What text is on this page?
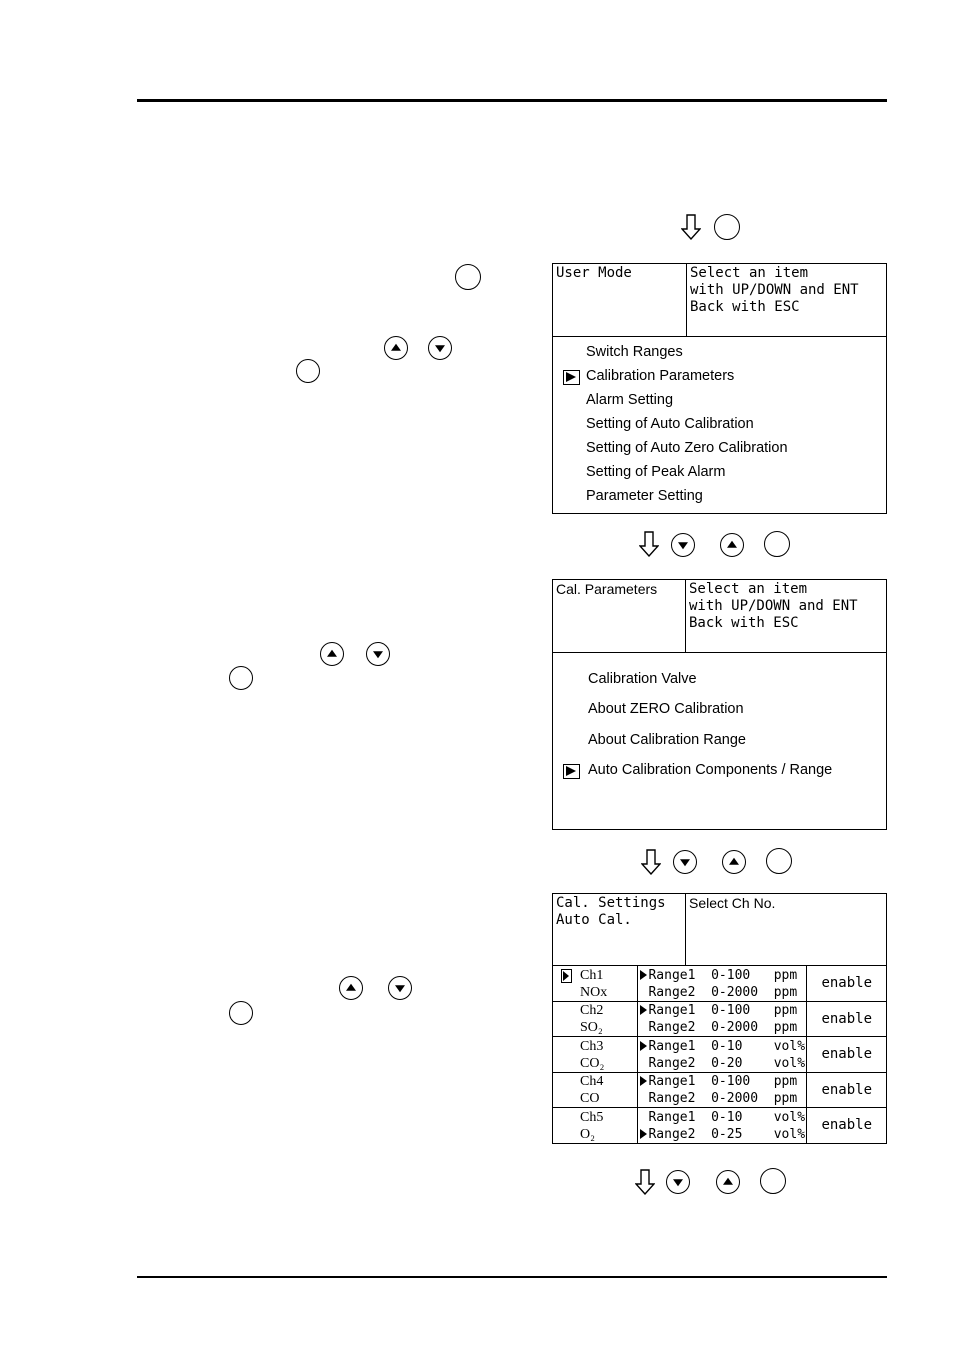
User Mode	Select an item
with UP/DOWN and ENT
Back with ESC
Switch Ranges
Calibration Parameters
Alarm Setting
Setting of Auto Calibration
Setting of Auto Zero Calibration
Setting of Peak Alarm
Parameter Setting
Cal. Parameters Select an item
with UP/DOWN and ENT
Back with ESC
Calibration Valve
About ZERO Calibration
About Calibration Range
Auto Calibration Components / Range
Cal. Settings
Auto Cal.
Select Ch No.
Ch1
NOx	Range1  0-100   ppm
Range2  0-2000  ppm	enable

Ch2
SO₂	Range1  0-100   ppm
Range2  0-2000  ppm	enable

Ch3
CO₂	Range1  0-10    vol%
Range2  0-20    vol%	enable

Ch4
CO	Range1  0-100   ppm
Range2  0-2000  ppm	enable

Ch5
O₂	Range1  0-10    vol%
Range2  0-25    vol%	enable
